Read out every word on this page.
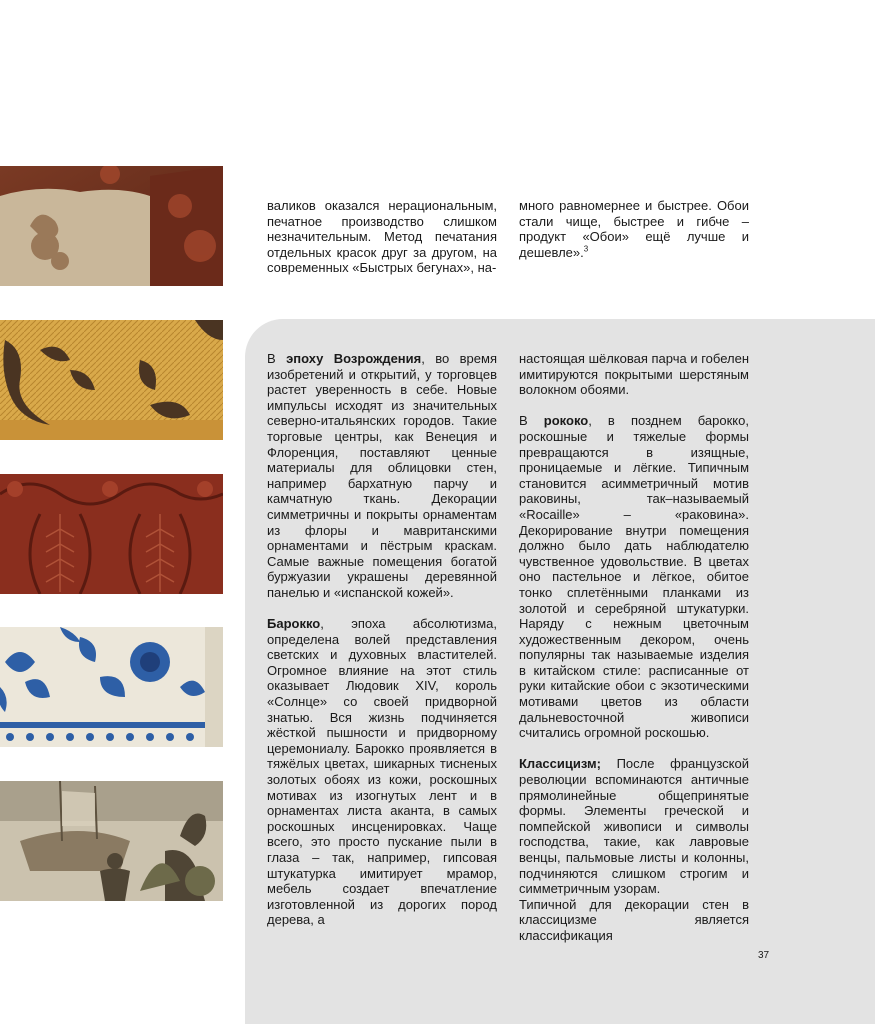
валиков оказался нерациональным, печатное производство слишком незначительным. Метод печатания отдельных красок друг за другом, на современных «Быстрых бегунах», на-

много равномернее и быстрее. Обои стали чище, быстрее и гибче – продукт «Обои» ещё лучше и дешевле».$^3$

В эпоху Возрождения, во время изобретений и открытий, у торговцев растет уверенность в себе. Новые импульсы исходят из значительных северно-итальянских городов. Такие торговые центры, как Венеция и Флоренция, поставляют ценные материалы для облицовки стен, например бархатную парчу и камчатную ткань. Декорации симметричны и покрыты орнаментам из флоры и мавританскими орнаментами и пёстрым краскам. Самые важные помещения богатой буржуазии украшены деревянной панелью и «испанской кожей».

Барокко, эпоха абсолютизма, определена волей представления светских и духовных властителей. Огромное влияние на этот стиль оказывает Людовик XIV, король «Солнце» со своей придворной знатью. Вся жизнь подчиняется жёсткой пышности и придворному церемониалу. Барокко проявляется в тяжёлых цветах, шикарных тисненых золотых обоях из кожи, роскошных мотивах из изогнутых лент и в орнаментах листа аканта, в самых роскошных инсценировках. Чаще всего, это просто пускание пыли в глаза – так, например, гипсовая штукатурка имитирует мрамор, мебель создает впечатление изготовленной из дорогих пород дерева, а

настоящая шёлковая парча и гобелен имитируются покрытыми шерстяным волокном обоями.

В рококо, в позднем барокко, роскошные и тяжелые формы превращаются в изящные, проницаемые и лёгкие. Типичным становится асимметричный мотив раковины, так–называемый «Rocaille» – «раковина». Декорирование внутри помещения должно было дать наблюдателю чувственное удовольствие. В цветах оно пастельное и лёгкое, обитое тонко сплетёнными планками из золотой и серебряной штукатурки. Наряду с нежным цветочным художественным декором, очень популярны так называемые изделия в китайском стиле: расписанные от руки китайские обои с экзотическими мотивами цветов из области дальневосточной живописи считались огромной роскошью.

Классицизм; После французской революции вспоминаются античные прямолинейные общепринятые формы. Элементы греческой и помпейской живописи и символы господства, такие, как лавровые венцы, пальмовые листы и колонны, подчиняются слишком строгим и симметричным узорам.

Типичной для декорации стен в классицизме является классификация

37
